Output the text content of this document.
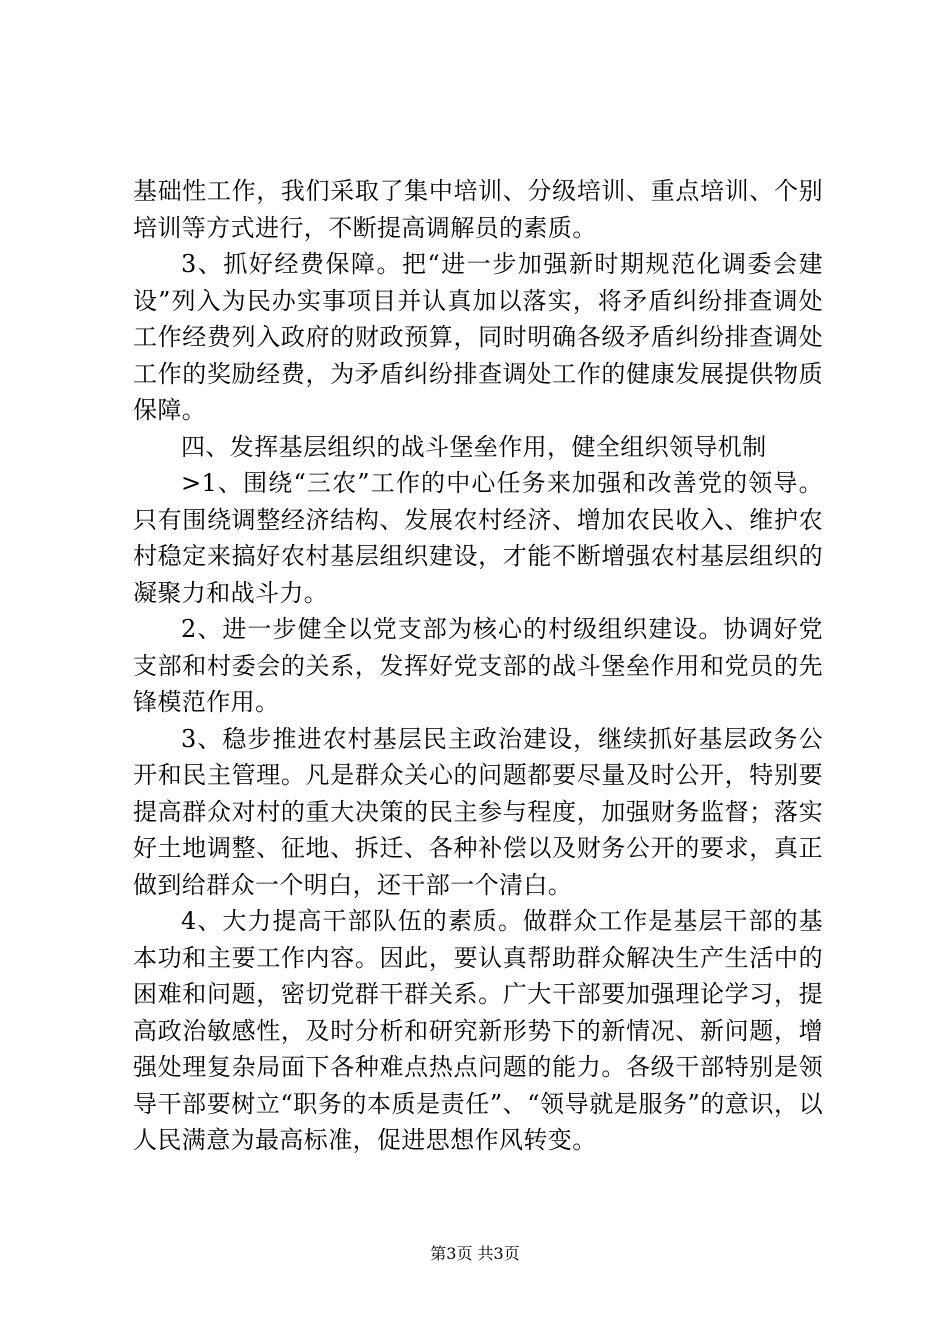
基础性工作，我们采取了集中培训、分级培训、重点培训、个别培训等方式进行，不断提高调解员的素质。

3、抓好经费保障。把“进一步加强新时期规范化调委会建设”列入为民办实事项目并认真加以落实，将矛盾纠纷排查调处工作经费列入政府的财政预算，同时明确各级矛盾纠纷排查调处工作的奖励经费，为矛盾纠纷排查调处工作的健康发展提供物质保障。

四、发挥基层组织的战斗堡垒作用，健全组织领导机制

>1、围绕“三农”工作的中心任务来加强和改善党的领导。只有围绕调整经济结构、发展农村经济、增加农民收入、维护农村稳定来搞好农村基层组织建设，才能不断增强农村基层组织的凝聚力和战斗力。

2、进一步健全以党支部为核心的村级组织建设。协调好党支部和村委会的关系，发挥好党支部的战斗堡垒作用和党员的先锋模范作用。

3、稳步推进农村基层民主政治建设，继续抓好基层政务公开和民主管理。凡是群众关心的问题都要尽量及时公开，特别要提高群众对村的重大决策的民主参与程度，加强财务监督；落实好土地调整、征地、拆迁、各种补偿以及财务公开的要求，真正做到给群众一个明白，还干部一个清白。

4、大力提高干部队伍的素质。做群众工作是基层干部的基本功和主要工作内容。因此，要认真帮助群众解决生产生活中的困难和问题，密切党群干群关系。广大干部要加强理论学习，提高政治敏感性，及时分析和研究新形势下的新情况、新问题，增强处理复杂局面下各种难点热点问题的能力。各级干部特别是领导干部要树立“职务的本质是责任”、“领导就是服务”的意识，以人民满意为最高标准，促进思想作风转变。

第3页 共3页
